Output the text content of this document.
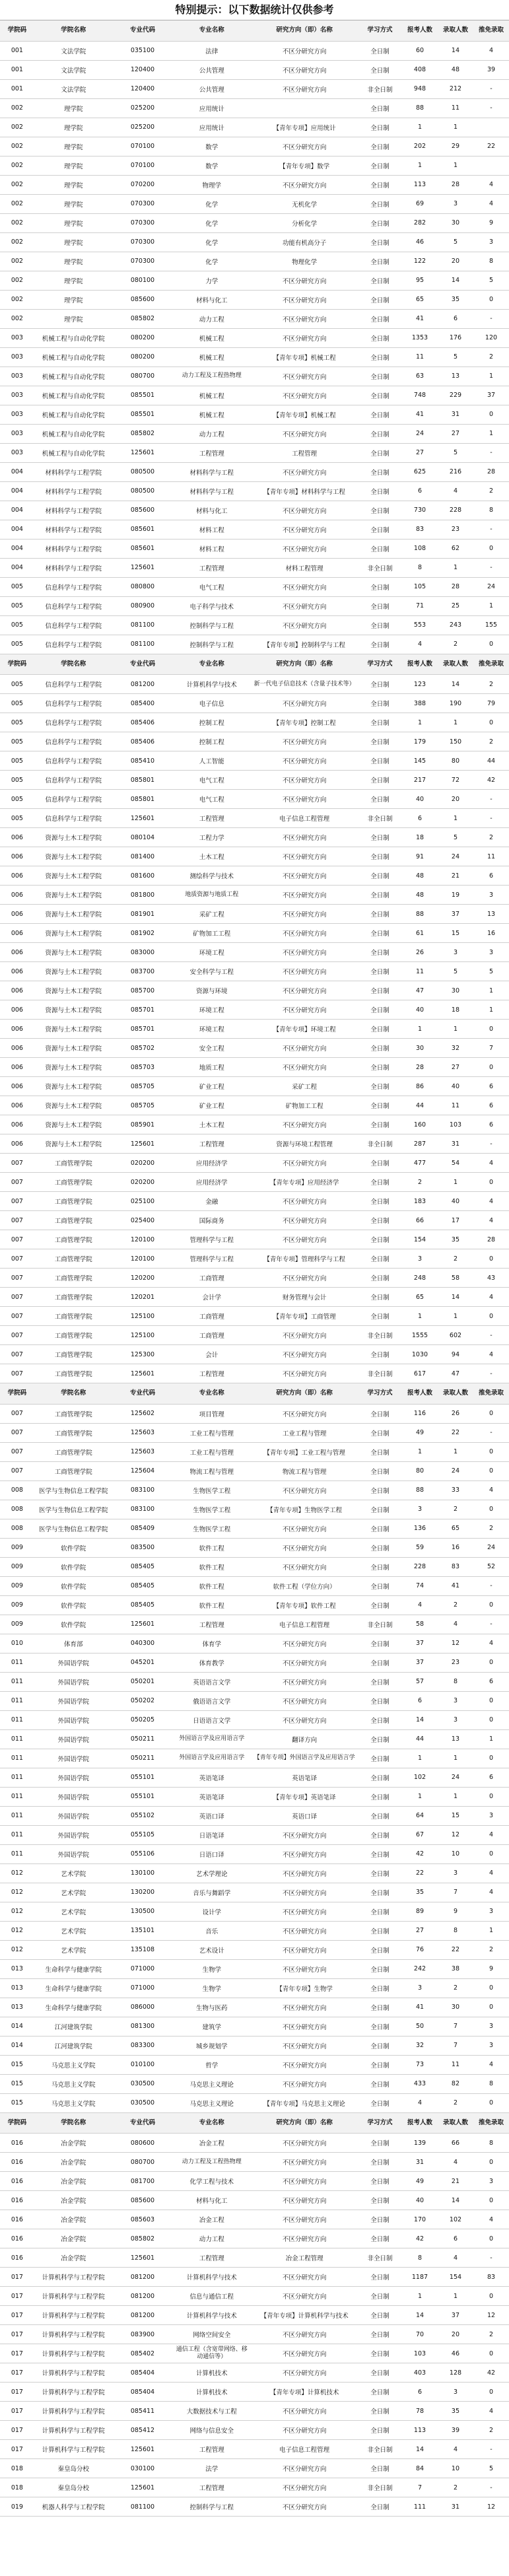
特别提示：以下数据统计仅供参考
学院码	学院名称	专业代码	专业名称	研究方向（即）名称	学习方式	报考人数	录取人数	推免录取
001	文法学院	035100	法律	不区分研究方向	全日制	60	14	4
001	文法学院	120400	公共管理	不区分研究方向	全日制	408	48	39
001	文法学院	120400	公共管理	不区分研究方向	非全日制	948	212	-
002	理学院	025200	应用统计		全日制	88	11	-
002	理学院	025200	应用统计	【青年专项】应用统计	全日制	1	1	
002	理学院	070100	数学	不区分研究方向	全日制	202	29	22
002	理学院	070100	数学	【青年专项】数学	全日制	1	1	
002	理学院	070200	物理学	不区分研究方向	全日制	113	28	4
002	理学院	070300	化学	无机化学	全日制	69	3	4
002	理学院	070300	化学	分析化学	全日制	282	30	9
002	理学院	070300	化学	功能有机高分子	全日制	46	5	3
002	理学院	070300	化学	物理化学	全日制	122	20	8
002	理学院	080100	力学	不区分研究方向	全日制	95	14	5
002	理学院	085600	材料与化工	不区分研究方向	全日制	65	35	0
002	理学院	085802	动力工程	不区分研究方向	全日制	41	6	-
003	机械工程与自动化学院	080200	机械工程	不区分研究方向	全日制	1353	176	120
003	机械工程与自动化学院	080200	机械工程	【青年专项】机械工程	全日制	11	5	2
003	机械工程与自动化学院	080700	动力工程及工程热物理	不区分研究方向	全日制	63	13	1
003	机械工程与自动化学院	085501	机械工程	不区分研究方向	全日制	748	229	37
003	机械工程与自动化学院	085501	机械工程	【青年专项】机械工程	全日制	41	31	0
003	机械工程与自动化学院	085802	动力工程	不区分研究方向	全日制	24	27	1
003	机械工程与自动化学院	125601	工程管理	工程管理	全日制	27	5	-
004	材料科学与工程学院	080500	材料科学与工程	不区分研究方向	全日制	625	216	28
004	材料科学与工程学院	080500	材料科学与工程	【青年专项】材料科学与工程	全日制	6	4	2
004	材料科学与工程学院	085600	材料与化工	不区分研究方向	全日制	730	228	8
004	材料科学与工程学院	085601	材料工程	不区分研究方向	全日制	83	23	-
004	材料科学与工程学院	085601	材料工程	不区分研究方向	全日制	108	62	0
004	材料科学与工程学院	125601	工程管理	材料工程管理	非全日制	8	1	-
005	信息科学与工程学院	080800	电气工程	不区分研究方向	全日制	105	28	24
005	信息科学与工程学院	080900	电子科学与技术	不区分研究方向	全日制	71	25	1
005	信息科学与工程学院	081100	控制科学与工程	不区分研究方向	全日制	553	243	155
005	信息科学与工程学院	081100	控制科学与工程	【青年专项】控制科学与工程	全日制	4	2	0
学院码	学院名称	专业代码	专业名称	研究方向（即）名称	学习方式	报考人数	录取人数	推免录取
005	信息科学与工程学院	081200	计算机科学与技术	新一代电子信息技术（含量子技术等）	全日制	123	14	2
005	信息科学与工程学院	085400	电子信息	不区分研究方向	全日制	388	190	79
005	信息科学与工程学院	085406	控制工程	【青年专项】控制工程	全日制	1	1	0
005	信息科学与工程学院	085406	控制工程	不区分研究方向	全日制	179	150	2
005	信息科学与工程学院	085410	人工智能	不区分研究方向	全日制	145	80	44
005	信息科学与工程学院	085801	电气工程	不区分研究方向	全日制	217	72	42
005	信息科学与工程学院	085801	电气工程	不区分研究方向	全日制	40	20	-
005	信息科学与工程学院	125601	工程管理	电子信息工程管理	非全日制	6	1	-
006	资源与土木工程学院	080104	工程力学	不区分研究方向	全日制	18	5	2
006	资源与土木工程学院	081400	土木工程	不区分研究方向	全日制	91	24	11
006	资源与土木工程学院	081600	测绘科学与技术	不区分研究方向	全日制	48	21	6
006	资源与土木工程学院	081800	地质资源与地质工程	不区分研究方向	全日制	48	19	3
006	资源与土木工程学院	081901	采矿工程	不区分研究方向	全日制	88	37	13
006	资源与土木工程学院	081902	矿物加工工程	不区分研究方向	全日制	61	15	16
006	资源与土木工程学院	083000	环境工程	不区分研究方向	全日制	26	3	3
006	资源与土木工程学院	083700	安全科学与工程	不区分研究方向	全日制	11	5	5
006	资源与土木工程学院	085700	资源与环境	不区分研究方向	全日制	47	30	1
006	资源与土木工程学院	085701	环境工程	不区分研究方向	全日制	40	18	1
006	资源与土木工程学院	085701	环境工程	【青年专项】环境工程	全日制	1	1	0
006	资源与土木工程学院	085702	安全工程	不区分研究方向	全日制	30	32	7
006	资源与土木工程学院	085703	地质工程	不区分研究方向	全日制	28	27	0
006	资源与土木工程学院	085705	矿业工程	采矿工程	全日制	86	40	6
006	资源与土木工程学院	085705	矿业工程	矿物加工工程	全日制	44	11	6
006	资源与土木工程学院	085901	土木工程	不区分研究方向	全日制	160	103	6
006	资源与土木工程学院	125601	工程管理	资源与环境工程管理	非全日制	287	31	-
007	工商管理学院	020200	应用经济学	不区分研究方向	全日制	477	54	4
007	工商管理学院	020200	应用经济学	【青年专项】应用经济学	全日制	2	1	0
007	工商管理学院	025100	金融	不区分研究方向	全日制	183	40	4
007	工商管理学院	025400	国际商务	不区分研究方向	全日制	66	17	4
007	工商管理学院	120100	管理科学与工程	不区分研究方向	全日制	154	35	28
007	工商管理学院	120100	管理科学与工程	【青年专项】管理科学与工程	全日制	3	2	0
007	工商管理学院	120200	工商管理	不区分研究方向	全日制	248	58	43
007	工商管理学院	120201	会计学	财务管理与会计	全日制	65	14	4
007	工商管理学院	125100	工商管理	【青年专项】工商管理	全日制	1	1	0
007	工商管理学院	125100	工商管理	不区分研究方向	非全日制	1555	602	-
007	工商管理学院	125300	会计	不区分研究方向	全日制	1030	94	4
007	工商管理学院	125601	工程管理	不区分研究方向	非全日制	617	47	-
学院码	学院名称	专业代码	专业名称	研究方向（即）名称	学习方式	报考人数	录取人数	推免录取
007	工商管理学院	125602	项目管理	不区分研究方向	全日制	116	26	0
007	工商管理学院	125603	工业工程与管理	工业工程与管理	全日制	49	22	-
007	工商管理学院	125603	工业工程与管理	【青年专项】工业工程与管理	全日制	1	1	0
007	工商管理学院	125604	物流工程与管理	物流工程与管理	全日制	80	24	0
008	医学与生物信息工程学院	083100	生物医学工程	不区分研究方向	全日制	88	33	4
008	医学与生物信息工程学院	083100	生物医学工程	【青年专项】生物医学工程	全日制	3	2	0
008	医学与生物信息工程学院	085409	生物医学工程	不区分研究方向	全日制	136	65	2
009	软件学院	083500	软件工程	不区分研究方向	全日制	59	16	24
009	软件学院	085405	软件工程	不区分研究方向	全日制	228	83	52
009	软件学院	085405	软件工程	软件工程（学位方向）	全日制	74	41	-
009	软件学院	085405	软件工程	【青年专项】软件工程	全日制	4	2	0
009	软件学院	125601	工程管理	电子信息工程管理	非全日制	58	4	-
010	体育部	040300	体育学	不区分研究方向	全日制	37	12	4
011	外国语学院	045201	体育教学	不区分研究方向	全日制	37	23	0
011	外国语学院	050201	英语语言文学	不区分研究方向	全日制	57	8	6
011	外国语学院	050202	俄语语言文学	不区分研究方向	全日制	6	3	0
011	外国语学院	050205	日语语言文学	不区分研究方向	全日制	14	3	0
011	外国语学院	050211	外国语言学及应用语言学	翻译方向	全日制	44	13	1
011	外国语学院	050211	外国语言学及应用语言学	【青年专项】外国语言学及应用语言学	全日制	1	1	0
011	外国语学院	055101	英语笔译	英语笔译	全日制	102	24	6
011	外国语学院	055101	英语笔译	【青年专项】英语笔译	全日制	1	1	0
011	外国语学院	055102	英语口译	英语口译	全日制	64	15	3
011	外国语学院	055105	日语笔译	不区分研究方向	全日制	67	12	4
011	外国语学院	055106	日语口译	不区分研究方向	全日制	42	10	0
012	艺术学院	130100	艺术学理论	不区分研究方向	全日制	22	3	4
012	艺术学院	130200	音乐与舞蹈学	不区分研究方向	全日制	35	7	4
012	艺术学院	130500	设计学	不区分研究方向	全日制	89	9	3
012	艺术学院	135101	音乐	不区分研究方向	全日制	27	8	1
012	艺术学院	135108	艺术设计	不区分研究方向	全日制	76	22	2
013	生命科学与健康学院	071000	生物学	不区分研究方向	全日制	242	38	9
013	生命科学与健康学院	071000	生物学	【青年专项】生物学	全日制	3	2	0
013	生命科学与健康学院	086000	生物与医药	不区分研究方向	全日制	41	30	0
014	江河建筑学院	081300	建筑学	不区分研究方向	全日制	50	7	3
014	江河建筑学院	083300	城乡规划学	不区分研究方向	全日制	32	7	3
015	马克思主义学院	010100	哲学	不区分研究方向	全日制	73	11	4
015	马克思主义学院	030500	马克思主义理论	不区分研究方向	全日制	433	82	8
015	马克思主义学院	030500	马克思主义理论	【青年专项】马克思主义理论	全日制	4	2	0
学院码	学院名称	专业代码	专业名称	研究方向（即）名称	学习方式	报考人数	录取人数	推免录取
016	冶金学院	080600	冶金工程	不区分研究方向	全日制	139	66	8
016	冶金学院	080700	动力工程及工程热物理	不区分研究方向	全日制	31	4	0
016	冶金学院	081700	化学工程与技术	不区分研究方向	全日制	49	21	3
016	冶金学院	085600	材料与化工	不区分研究方向	全日制	40	14	0
016	冶金学院	085603	冶金工程	不区分研究方向	全日制	170	102	4
016	冶金学院	085802	动力工程	不区分研究方向	全日制	42	6	0
016	冶金学院	125601	工程管理	冶金工程管理	非全日制	8	4	-
017	计算机科学与工程学院	081200	计算机科学与技术	不区分研究方向	全日制	1187	154	83
017	计算机科学与工程学院	081200	信息与通信工程	不区分研究方向	全日制	1	1	0
017	计算机科学与工程学院	081200	计算机科学与技术	【青年专项】计算机科学与技术	全日制	14	37	12
017	计算机科学与工程学院	083900	网络空间安全	不区分研究方向	全日制	70	20	2
017	计算机科学与工程学院	085402	通信工程（含宽带网络、移动通信等）	不区分研究方向	全日制	103	46	0
017	计算机科学与工程学院	085404	计算机技术	不区分研究方向	全日制	403	128	42
017	计算机科学与工程学院	085404	计算机技术	【青年专项】计算机技术	全日制	6	3	0
017	计算机科学与工程学院	085411	大数据技术与工程	不区分研究方向	全日制	78	35	4
017	计算机科学与工程学院	085412	网络与信息安全	不区分研究方向	全日制	113	39	2
017	计算机科学与工程学院	125601	工程管理	电子信息工程管理	非全日制	14	4	-
018	秦皇岛分校	030100	法学	不区分研究方向	全日制	84	10	5
018	秦皇岛分校	125601	工程管理	不区分研究方向	非全日制	7	2	-
019	机器人科学与工程学院	081100	控制科学与工程	不区分研究方向	全日制	111	31	12
